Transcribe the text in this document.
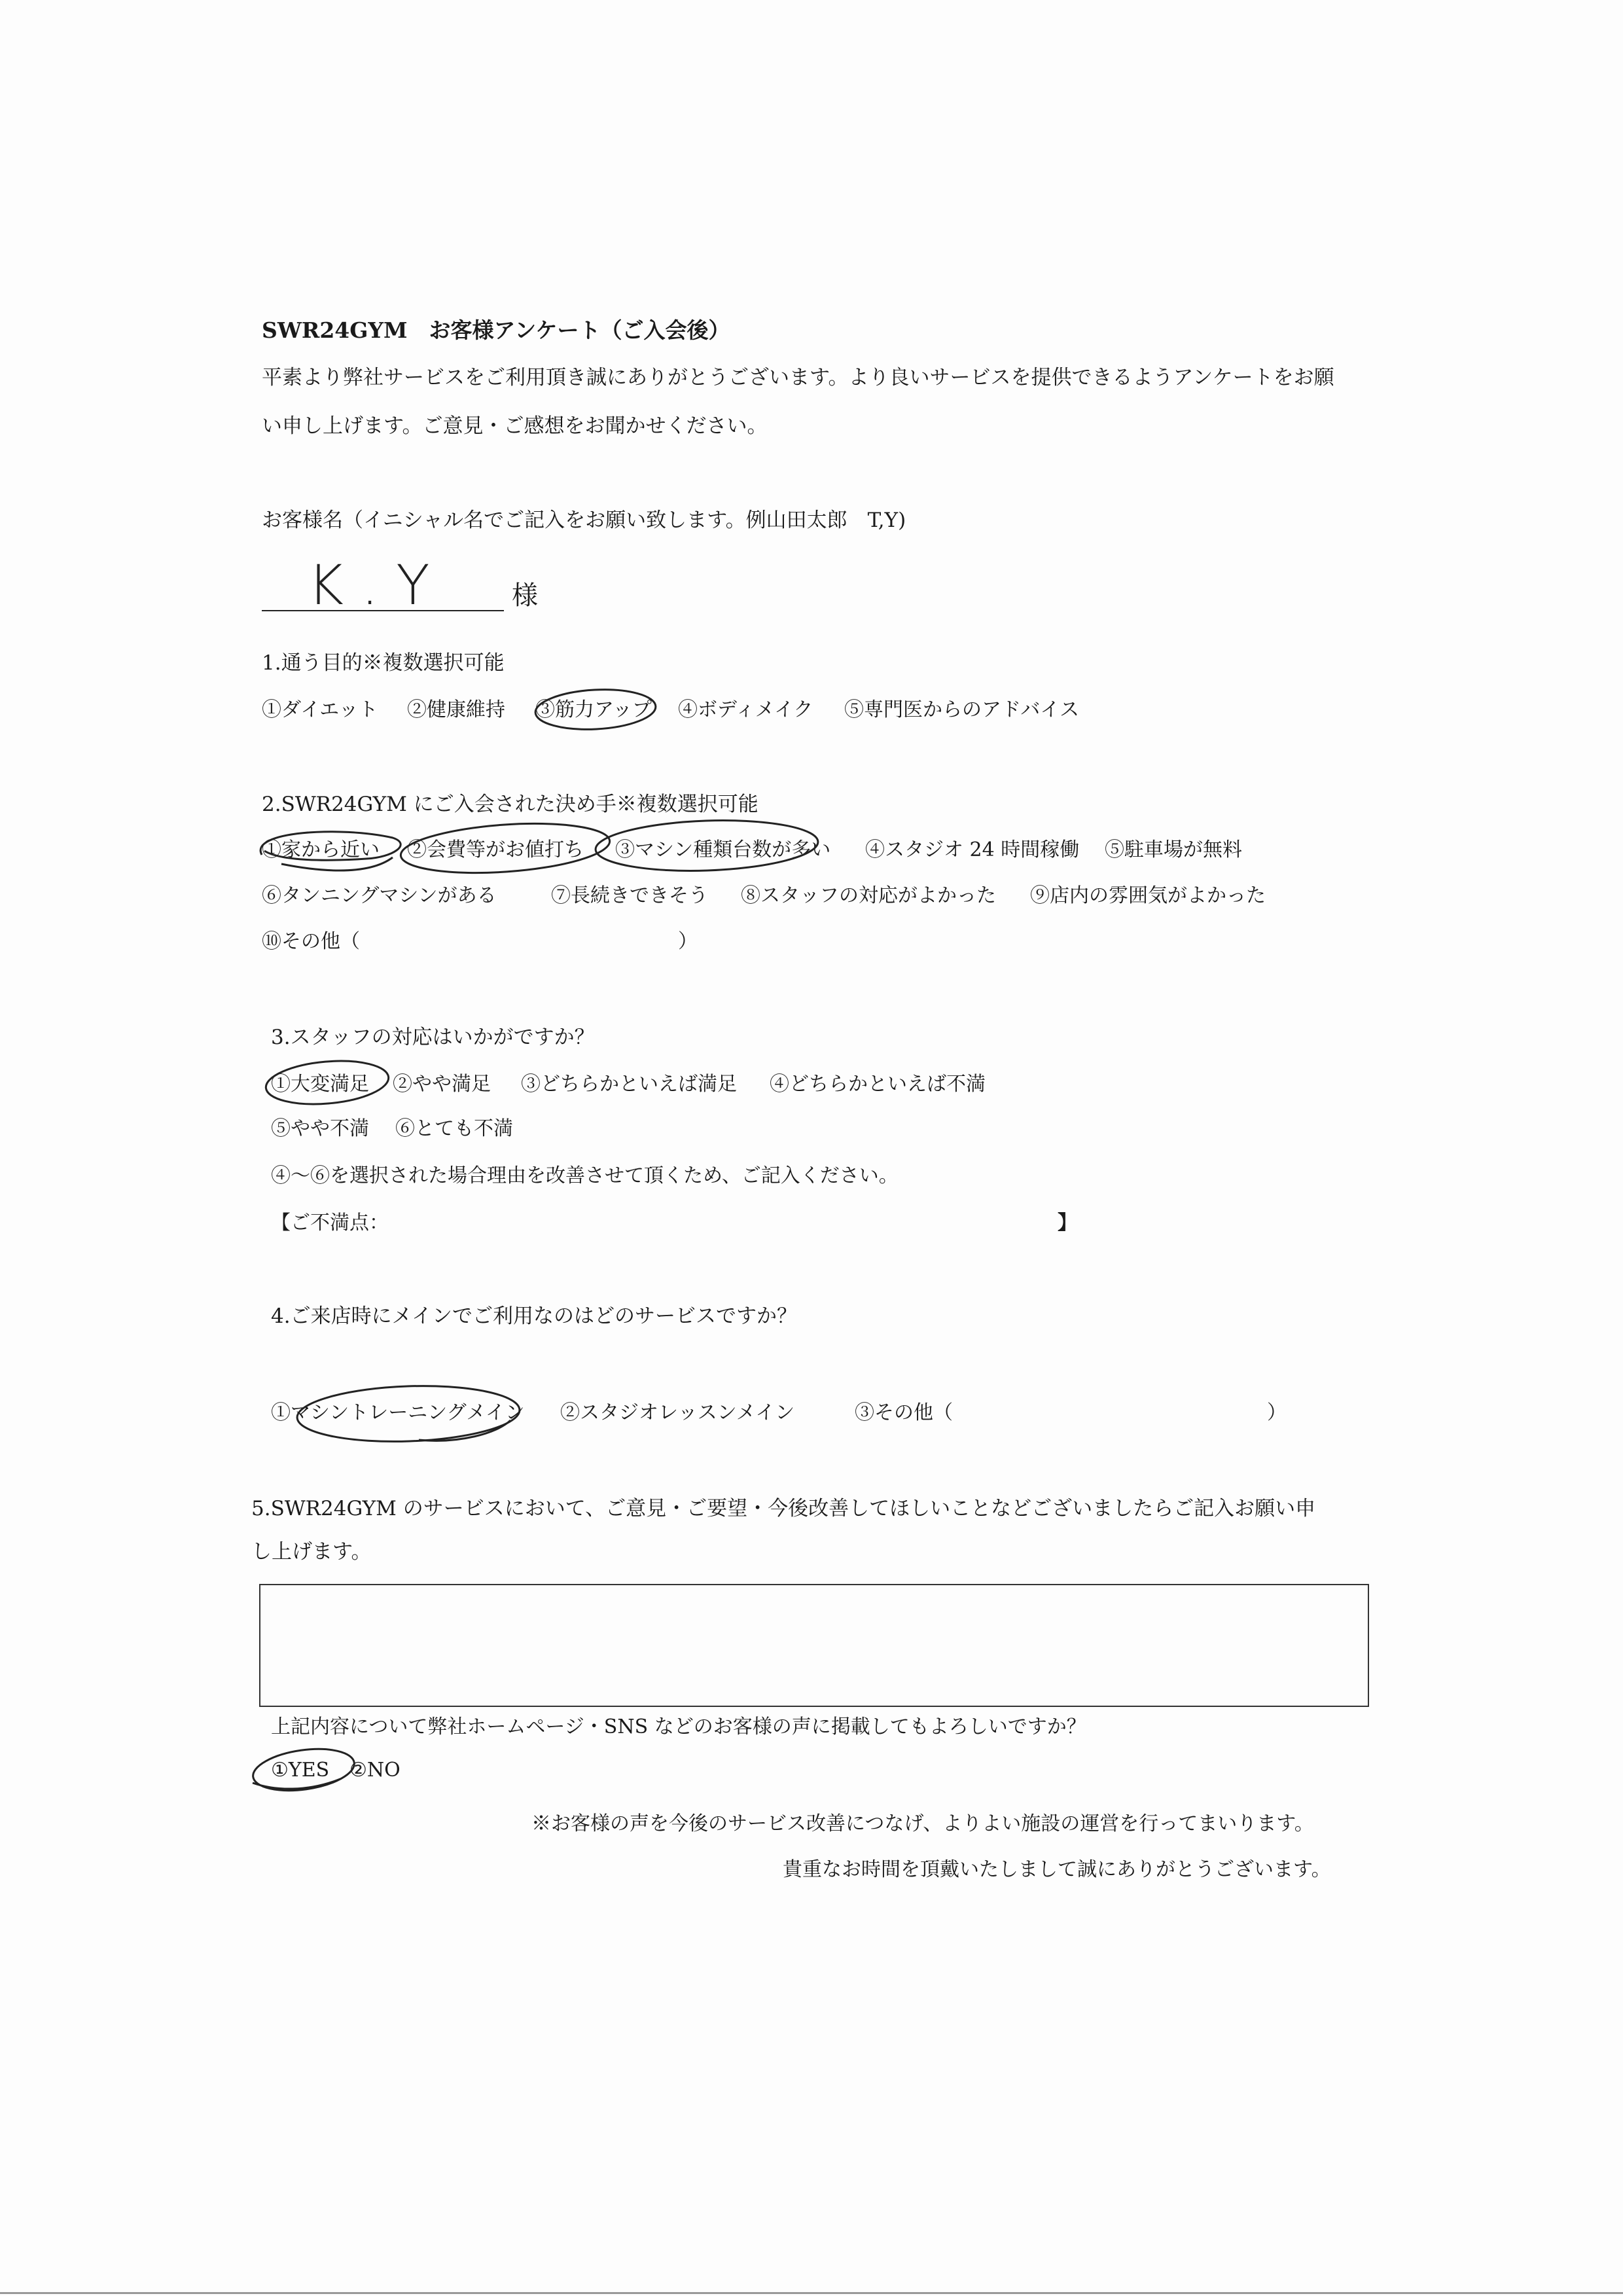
SWR24GYM　お客様アンケート（ご入会後）
平素より弊社サービスをご利用頂き誠にありがとうございます。より良いサービスを提供できるようアンケートをお願
い申し上げます。ご意見・ご感想をお聞かせください。
お客様名（イニシャル名でご記入をお願い致します。例山田太郎　T,Y)
K . Y	様
1.通う目的※複数選択可能
①ダイエット ②健康維持 ③筋力アップ ④ボディメイク ⑤専門医からのアドバイス
2.SWR24GYM にご入会された決め手※複数選択可能
①家から近い ②会費等がお値打ち ③マシン種類台数が多い ④スタジオ 24 時間稼働 ⑤駐車場が無料
⑥タンニングマシンがある	⑦長続きできそう ⑧スタッフの対応がよかった ⑨店内の雰囲気がよかった
⑩その他（	）
3.スタッフの対応はいかがですか？
①大変満足 ②やや満足 ③どちらかといえば満足 ④どちらかといえば不満
⑤やや不満 ⑥とても不満
④～⑥を選択された場合理由を改善させて頂くため、ご記入ください。
【ご不満点：	】
4.ご来店時にメインでご利用なのはどのサービスですか？
①マシントレーニングメイン ②スタジオレッスンメイン	③その他（	）
5.SWR24GYM のサービスにおいて、ご意見・ご要望・今後改善してほしいことなどございましたらご記入お願い申
し上げます。
上記内容について弊社ホームページ・SNS などのお客様の声に掲載してもよろしいですか？
①YES ②NO
※お客様の声を今後のサービス改善につなげ、よりよい施設の運営を行ってまいります。
貴重なお時間を頂戴いたしまして誠にありがとうございます。
